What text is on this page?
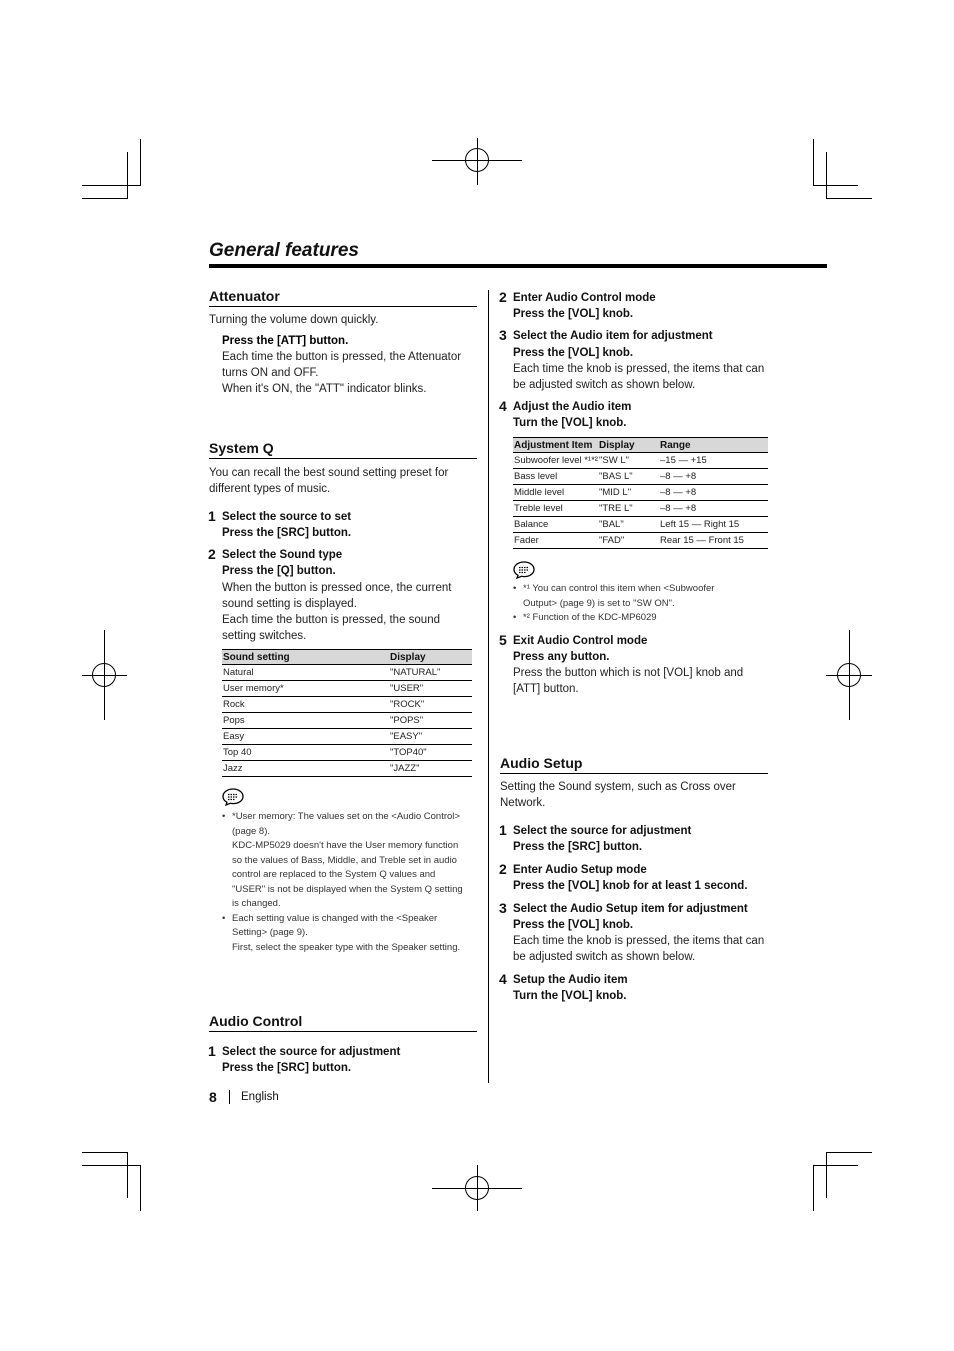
General features
Attenuator
Turning the volume down quickly.
Press the [ATT] button.
Each time the button is pressed, the Attenuator
turns ON and OFF.
When it's ON, the "ATT" indicator blinks.
System Q
You can recall the best sound setting preset for
different types of music.
1 Select the source to set
Press the [SRC] button.
2 Select the Sound type
Press the [Q] button.
When the button is pressed once, the current
sound setting is displayed.
Each time the button is pressed, the sound
setting switches.
Sound setting	Display
Natural	"NATURAL"
User memory*	"USER"
Rock	"ROCK"
Pops	"POPS"
Easy	"EASY"
Top 40	"TOP40"
Jazz	"JAZZ"
• *User memory: The values set on the <Audio Control>
(page 8).
KDC-MP5029 doesn't have the User memory function
so the values of Bass, Middle, and Treble set in audio
control are replaced to the System Q values and
"USER" is not be displayed when the System Q setting
is changed.
• Each setting value is changed with the <Speaker
Setting> (page 9).
First, select the speaker type with the Speaker setting.
Audio Control
1 Select the source for adjustment
Press the [SRC] button.
2 Enter Audio Control mode
Press the [VOL] knob.
3 Select the Audio item for adjustment
Press the [VOL] knob.
Each time the knob is pressed, the items that can
be adjusted switch as shown below.
4 Adjust the Audio item
Turn the [VOL] knob.
Adjustment Item	Display	Range
Subwoofer level *¹*²	"SW L"	–15 — +15
Bass level	"BAS L"	–8 — +8
Middle level	"MID L"	–8 — +8
Treble level	"TRE L"	–8 — +8
Balance	"BAL"	Left 15 — Right 15
Fader	"FAD"	Rear 15 — Front 15
• *¹ You can control this item when <Subwoofer
Output> (page 9) is set to "SW ON".
• *² Function of the KDC-MP6029
5 Exit Audio Control mode
Press any button.
Press the button which is not [VOL] knob and
[ATT] button.
Audio Setup
Setting the Sound system, such as Cross over
Network.
1 Select the source for adjustment
Press the [SRC] button.
2 Enter Audio Setup mode
Press the [VOL] knob for at least 1 second.
3 Select the Audio Setup item for adjustment
Press the [VOL] knob.
Each time the knob is pressed, the items that can
be adjusted switch as shown below.
4 Setup the Audio item
Turn the [VOL] knob.
8 English
